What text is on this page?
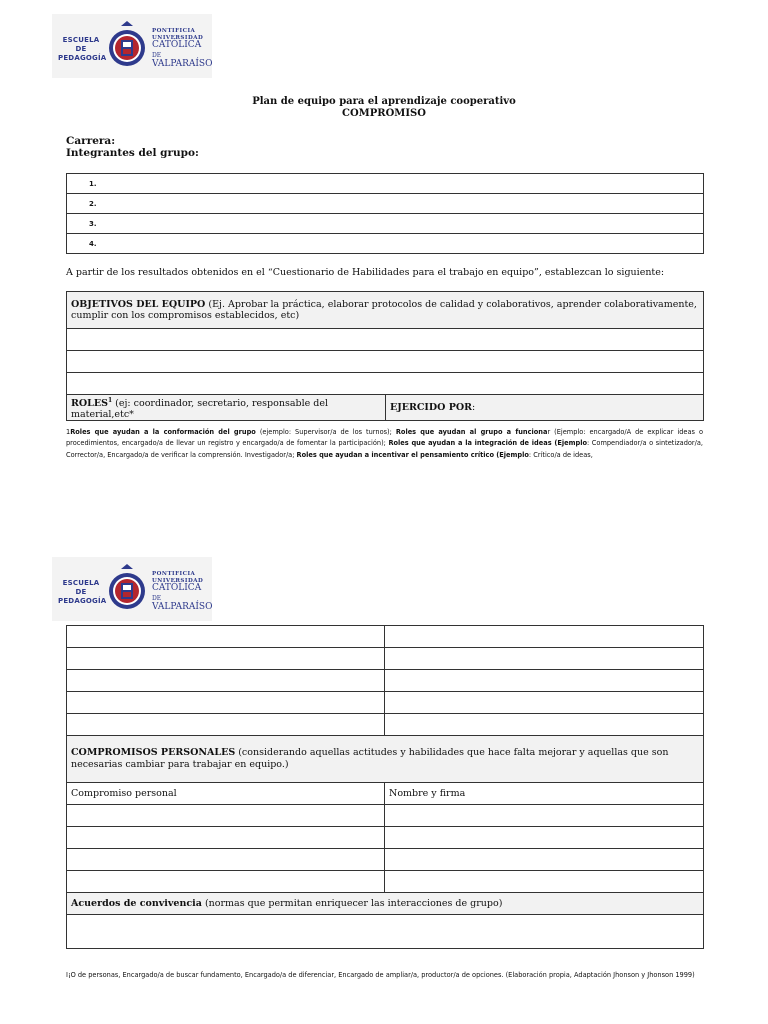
ESCUELA DE
PEDAGOGÍA
PONTIFICIA
UNIVERSIDAD
CATÓLICA DE
VALPARAÍSO
Plan de equipo para el aprendizaje cooperativo
COMPROMISO
Carrera:
Integrantes del grupo:
1.
2.
3.
4.
A partir de los resultados obtenidos en el “Cuestionario de Habilidades para el trabajo en equipo”, establezcan lo siguiente:
OBJETIVOS DEL EQUIPO (Ej. Aprobar la práctica, elaborar protocolos de calidad y colaborativos, aprender colaborativamente, cumplir con los compromisos establecidos, etc)

ROLES$^1$ (ej: coordinador, secretario, responsable del material,etc*	EJERCIDO POR:
1Roles que ayudan a la conformación del grupo (ejemplo: Supervisor/a de los turnos); Roles que ayudan al grupo a funcionar (Ejemplo: encargado/A de explicar ideas o procedimientos, encargado/a de llevar un registro y encargado/a de fomentar la participación); Roles que ayudan a la integración de ideas (Ejemplo: Compendiador/a o sintetizador/a, Corrector/a, Encargado/a de verificar la comprensión. Investigador/a; Roles que ayudan a incentivar el pensamiento crítico (Ejemplo: Crítico/a de ideas,
ESCUELA DE
PEDAGOGÍA
PONTIFICIA
UNIVERSIDAD
CATÓLICA DE
VALPARAÍSO

COMPROMISOS PERSONALES (considerando aquellas actitudes y habilidades que hace falta mejorar y aquellas que son necesarias cambiar para trabajar en equipo.)	
Compromiso personal	Nombre y firma

Acuerdos de convivencia (normas que permitan enriquecer las interacciones de grupo)	

I¡O de personas, Encargado/a de buscar fundamento, Encargado/a de diferenciar, Encargado de ampliar/a, productor/a de opciones. (Elaboración propia, Adaptación Jhonson y Jhonson 1999)
